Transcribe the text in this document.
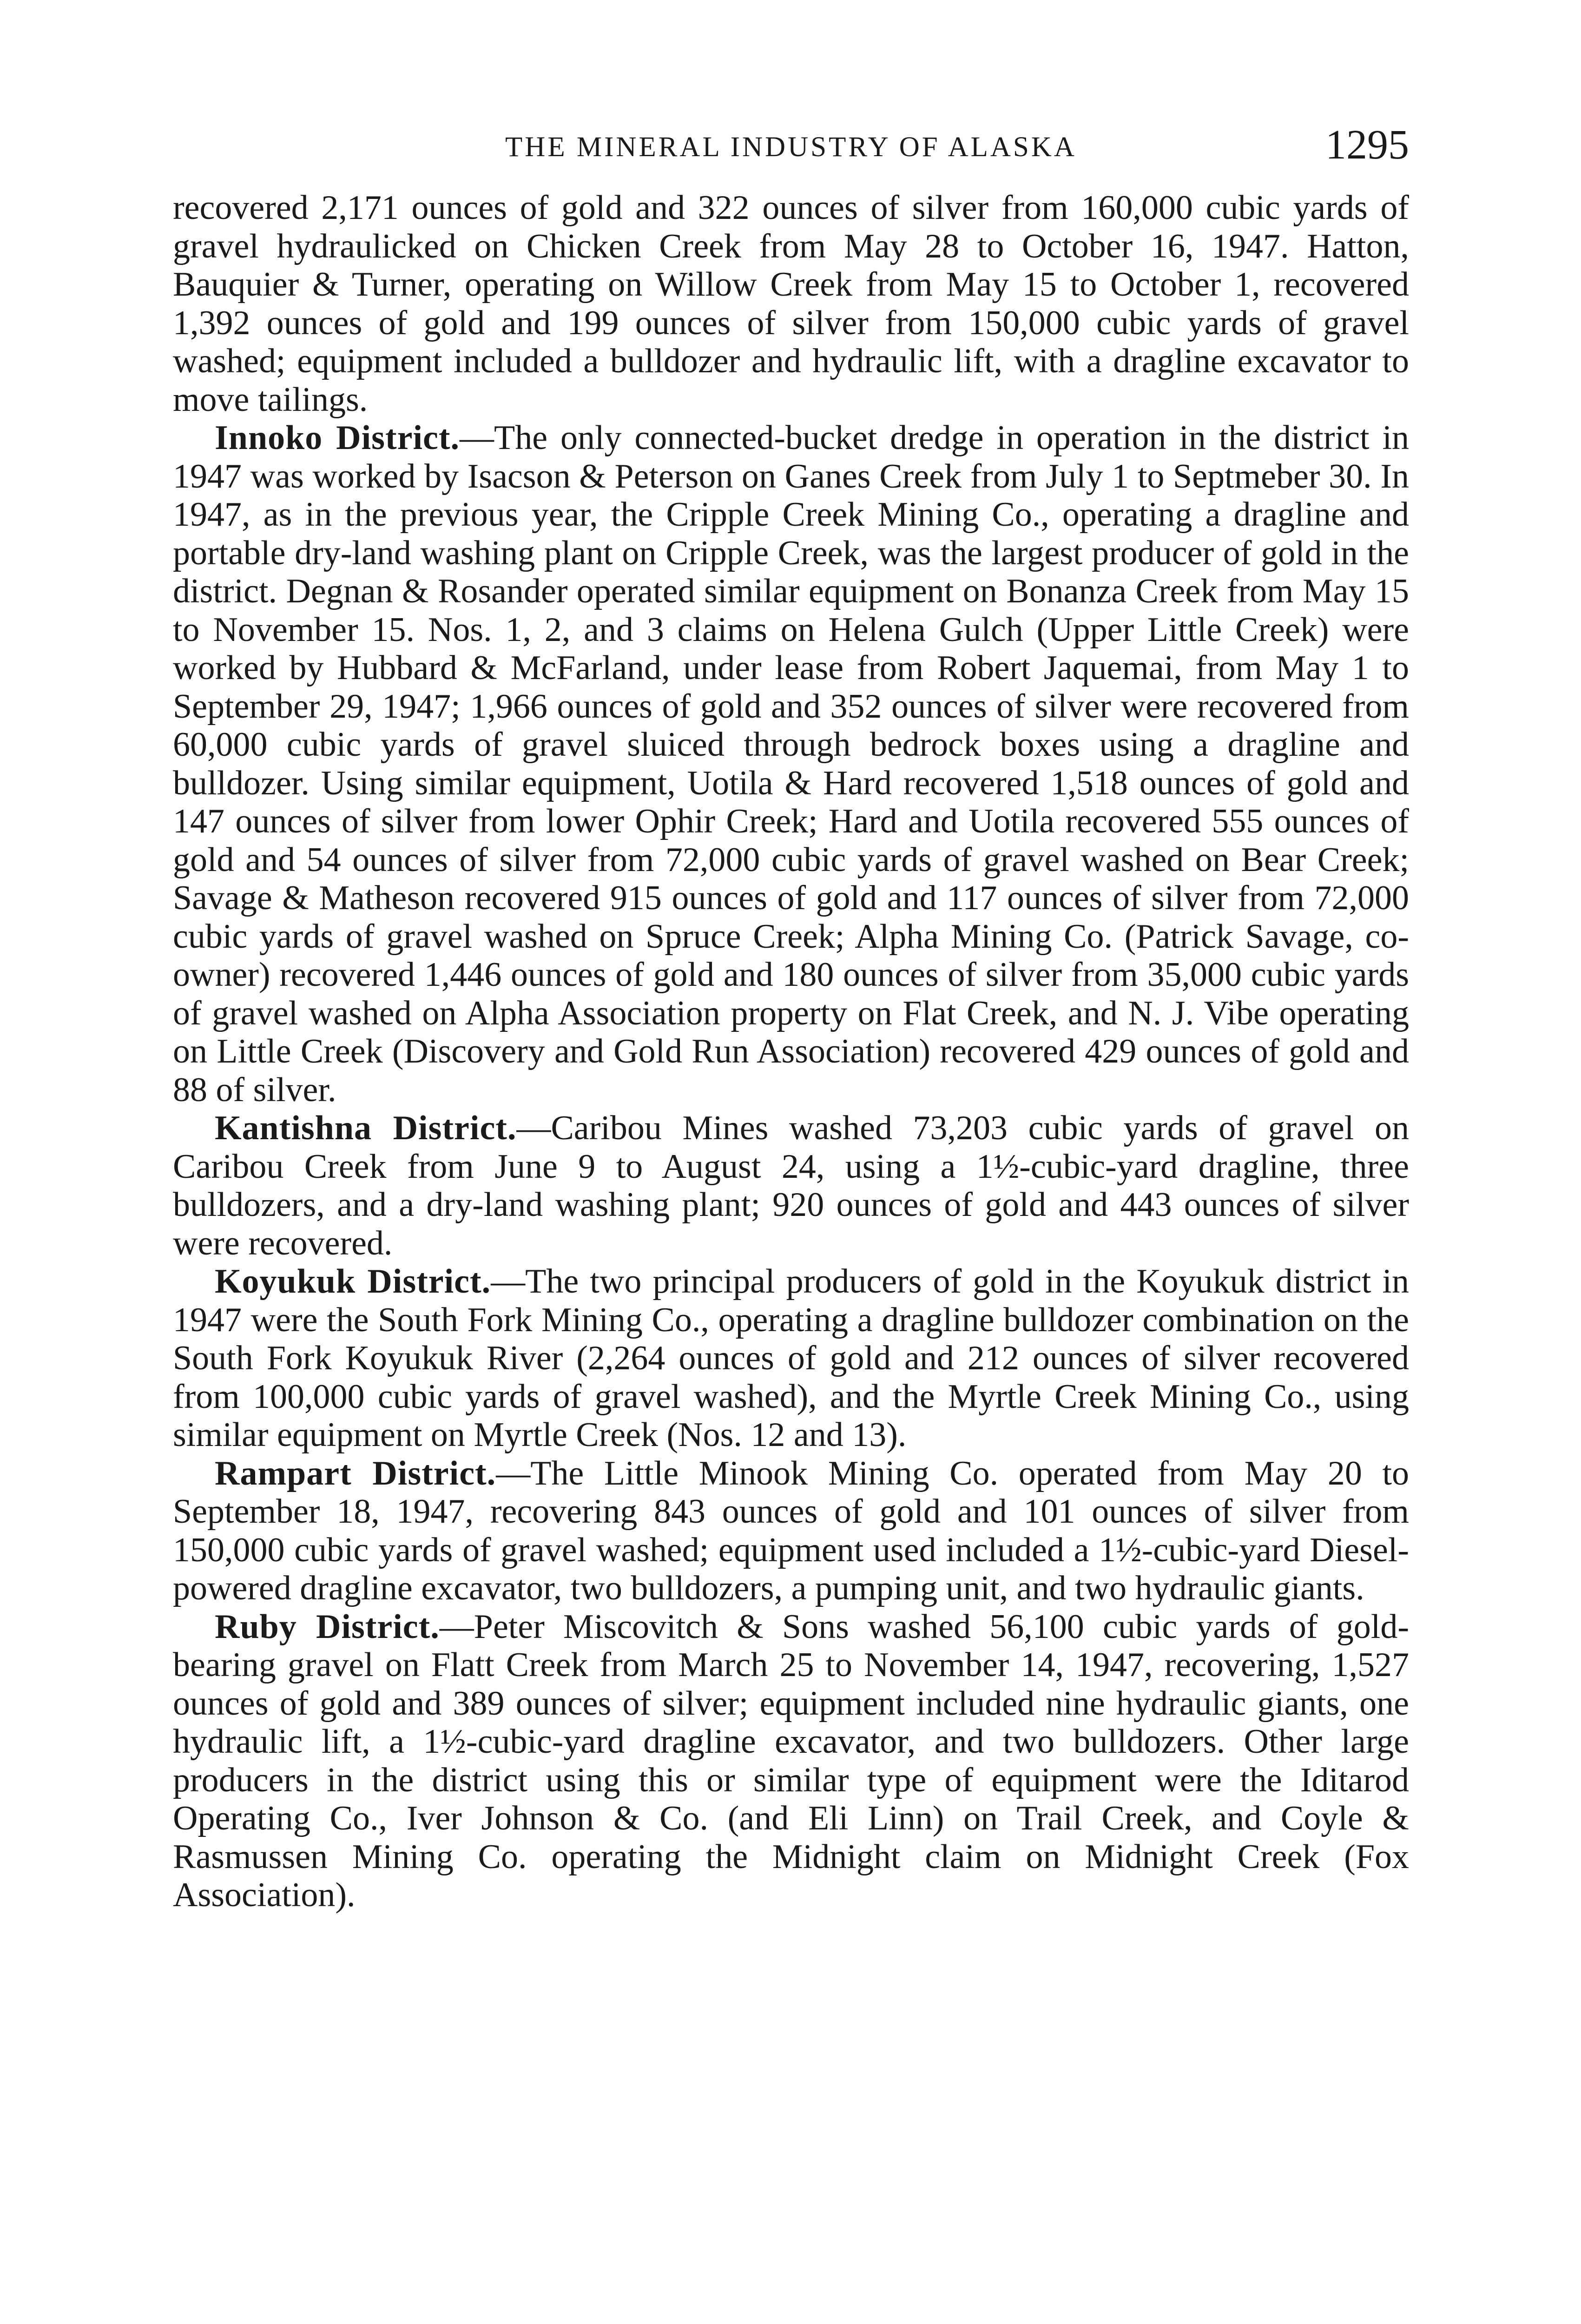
THE MINERAL INDUSTRY OF ALASKA	1295

recovered 2,171 ounces of gold and 322 ounces of silver from 160,000 cubic yards of gravel hydraulicked on Chicken Creek from May 28 to October 16, 1947. Hatton, Bauquier & Turner, operating on Willow Creek from May 15 to October 1, recovered 1,392 ounces of gold and 199 ounces of silver from 150,000 cubic yards of gravel washed; equipment included a bulldozer and hydraulic lift, with a dragline excavator to move tailings.

Innoko District.—The only connected-bucket dredge in operation in the district in 1947 was worked by Isacson & Peterson on Ganes Creek from July 1 to Septmeber 30. In 1947, as in the previous year, the Cripple Creek Mining Co., operating a dragline and portable dry-land washing plant on Cripple Creek, was the largest producer of gold in the district. Degnan & Rosander operated similar equipment on Bonanza Creek from May 15 to November 15. Nos. 1, 2, and 3 claims on Helena Gulch (Upper Little Creek) were worked by Hubbard & McFarland, under lease from Robert Jaquemai, from May 1 to September 29, 1947; 1,966 ounces of gold and 352 ounces of silver were recovered from 60,000 cubic yards of gravel sluiced through bedrock boxes using a dragline and bulldozer. Using similar equipment, Uotila & Hard recovered 1,518 ounces of gold and 147 ounces of silver from lower Ophir Creek; Hard and Uotila recovered 555 ounces of gold and 54 ounces of silver from 72,000 cubic yards of gravel washed on Bear Creek; Savage & Matheson recovered 915 ounces of gold and 117 ounces of silver from 72,000 cubic yards of gravel washed on Spruce Creek; Alpha Mining Co. (Patrick Savage, co-owner) recovered 1,446 ounces of gold and 180 ounces of silver from 35,000 cubic yards of gravel washed on Alpha Association property on Flat Creek, and N. J. Vibe operating on Little Creek (Discovery and Gold Run Association) recovered 429 ounces of gold and 88 of silver.

Kantishna District.—Caribou Mines washed 73,203 cubic yards of gravel on Caribou Creek from June 9 to August 24, using a 1½-cubic-yard dragline, three bulldozers, and a dry-land washing plant; 920 ounces of gold and 443 ounces of silver were recovered.

Koyukuk District.—The two principal producers of gold in the Koyukuk district in 1947 were the South Fork Mining Co., operating a dragline bulldozer combination on the South Fork Koyukuk River (2,264 ounces of gold and 212 ounces of silver recovered from 100,000 cubic yards of gravel washed), and the Myrtle Creek Mining Co., using similar equipment on Myrtle Creek (Nos. 12 and 13).

Rampart District.—The Little Minook Mining Co. operated from May 20 to September 18, 1947, recovering 843 ounces of gold and 101 ounces of silver from 150,000 cubic yards of gravel washed; equipment used included a 1½-cubic-yard Diesel-powered dragline excavator, two bulldozers, a pumping unit, and two hydraulic giants.

Ruby District.—Peter Miscovitch & Sons washed 56,100 cubic yards of gold-bearing gravel on Flatt Creek from March 25 to November 14, 1947, recovering, 1,527 ounces of gold and 389 ounces of silver; equipment included nine hydraulic giants, one hydraulic lift, a 1½-cubic-yard dragline excavator, and two bulldozers. Other large producers in the district using this or similar type of equipment were the Iditarod Operating Co., Iver Johnson & Co. (and Eli Linn) on Trail Creek, and Coyle & Rasmussen Mining Co. operating the Midnight claim on Midnight Creek (Fox Association).
